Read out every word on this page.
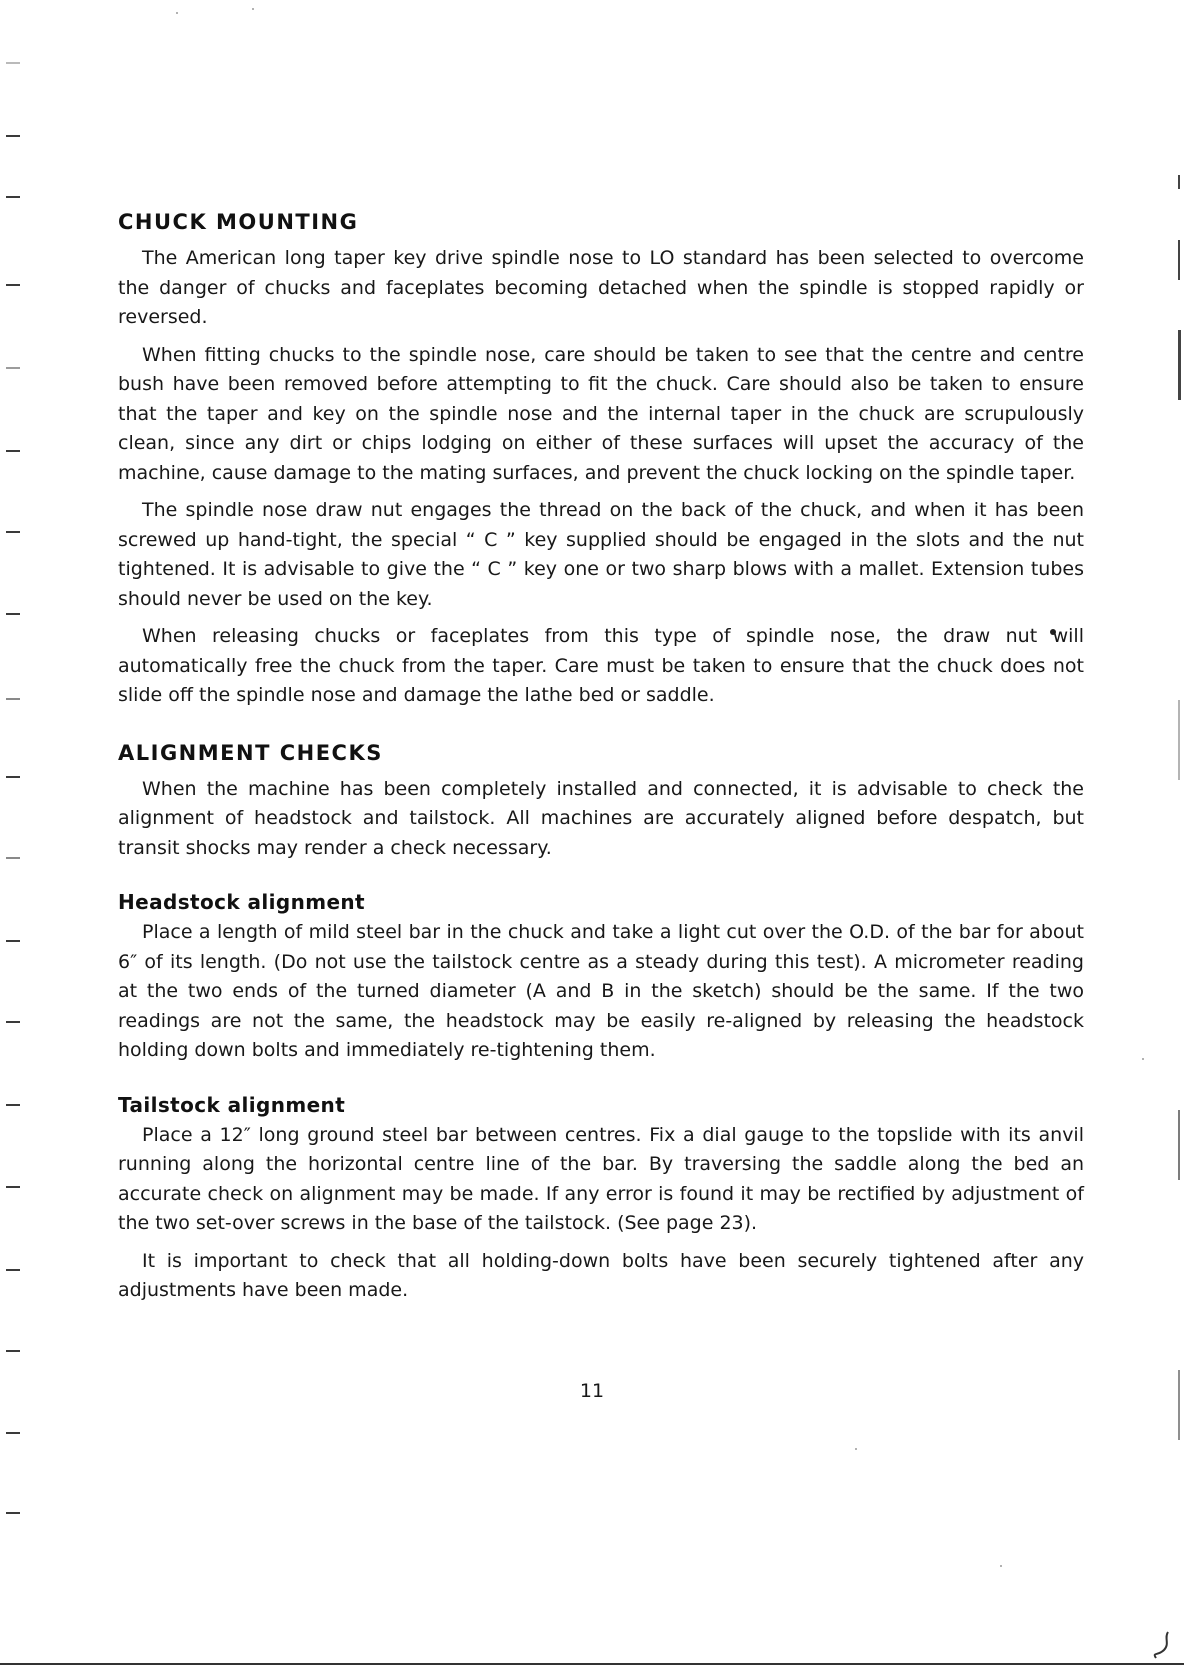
CHUCK MOUNTING

The American long taper key drive spindle nose to LO standard has been selected to overcome the danger of chucks and faceplates becoming detached when the spindle is stopped rapidly or reversed.

When fitting chucks to the spindle nose, care should be taken to see that the centre and centre bush have been removed before attempting to fit the chuck. Care should also be taken to ensure that the taper and key on the spindle nose and the internal taper in the chuck are scrupulously clean, since any dirt or chips lodging on either of these surfaces will upset the accuracy of the machine, cause damage to the mating surfaces, and prevent the chuck locking on the spindle taper.

The spindle nose draw nut engages the thread on the back of the chuck, and when it has been screwed up hand-tight, the special “ C ” key supplied should be engaged in the slots and the nut tightened. It is advisable to give the “ C ” key one or two sharp blows with a mallet. Extension tubes should never be used on the key.

When releasing chucks or faceplates from this type of spindle nose, the draw nut will automatically free the chuck from the taper. Care must be taken to ensure that the chuck does not slide off the spindle nose and damage the lathe bed or saddle.

ALIGNMENT CHECKS

When the machine has been completely installed and connected, it is advisable to check the alignment of headstock and tailstock. All machines are accurately aligned before despatch, but transit shocks may render a check necessary.

Headstock alignment

Place a length of mild steel bar in the chuck and take a light cut over the O.D. of the bar for about 6″ of its length. (Do not use the tailstock centre as a steady during this test). A micrometer reading at the two ends of the turned diameter (A and B in the sketch) should be the same. If the two readings are not the same, the headstock may be easily re-aligned by releasing the headstock holding down bolts and immediately re-tightening them.

Tailstock alignment

Place a 12″ long ground steel bar between centres. Fix a dial gauge to the topslide with its anvil running along the horizontal centre line of the bar. By traversing the saddle along the bed an accurate check on alignment may be made. If any error is found it may be rectified by adjustment of the two set-over screws in the base of the tailstock. (See page 23).

It is important to check that all holding-down bolts have been securely tightened after any adjustments have been made.

11
